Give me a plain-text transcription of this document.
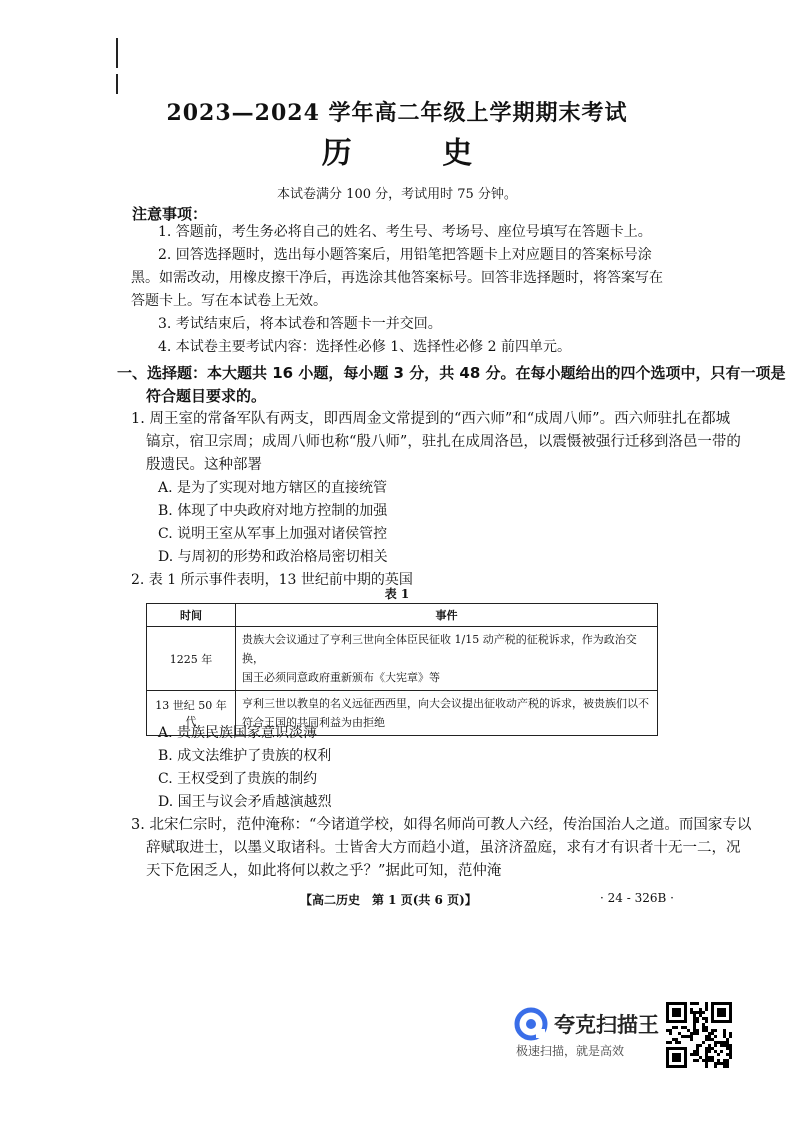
2023—2024 学年高二年级上学期期末考试
历 史
本试卷满分 100 分，考试用时 75 分钟。
注意事项：
1. 答题前，考生务必将自己的姓名、考生号、考场号、座位号填写在答题卡上。
2. 回答选择题时，选出每小题答案后，用铅笔把答题卡上对应题目的答案标号涂
黑。如需改动，用橡皮擦干净后，再选涂其他答案标号。回答非选择题时，将答案写在
答题卡上。写在本试卷上无效。
3. 考试结束后，将本试卷和答题卡一并交回。
4. 本试卷主要考试内容：选择性必修 1、选择性必修 2 前四单元。
一、选择题：本大题共 16 小题，每小题 3 分，共 48 分。在每小题给出的四个选项中，只有一项是
符合题目要求的。
1. 周王室的常备军队有两支，即西周金文常提到的“西六师”和“成周八师”。西六师驻扎在都城
镐京，宿卫宗周；成周八师也称“殷八师”，驻扎在成周洛邑，以震慑被强行迁移到洛邑一带的
殷遗民。这种部署
A. 是为了实现对地方辖区的直接统管
B. 体现了中央政府对地方控制的加强
C. 说明王室从军事上加强对诸侯管控
D. 与周初的形势和政治格局密切相关
2. 表 1 所示事件表明，13 世纪前中期的英国
表 1
时间	事件
1225 年	贵族大会议通过了亨利三世向全体臣民征收 1/15 动产税的征税诉求，作为政治交换，
国王必须同意政府重新颁布《大宪章》等

13 世纪 50 年代	亨利三世以教皇的名义远征西西里，向大会议提出征收动产税的诉求，被贵族们以不
符合王国的共同利益为由拒绝
A. 贵族民族国家意识淡薄
B. 成文法维护了贵族的权利
C. 王权受到了贵族的制约
D. 国王与议会矛盾越演越烈
3. 北宋仁宗时，范仲淹称：“今诸道学校，如得名师尚可教人六经，传治国治人之道。而国家专以
辞赋取进士，以墨义取诸科。士皆舍大方而趋小道，虽济济盈庭，求有才有识者十无一二，况
天下危困乏人，如此将何以救之乎？”据此可知，范仲淹
【高二历史　第 1 页(共 6 页)】	· 24 - 326B ·
夸克扫描王
极速扫描，就是高效
